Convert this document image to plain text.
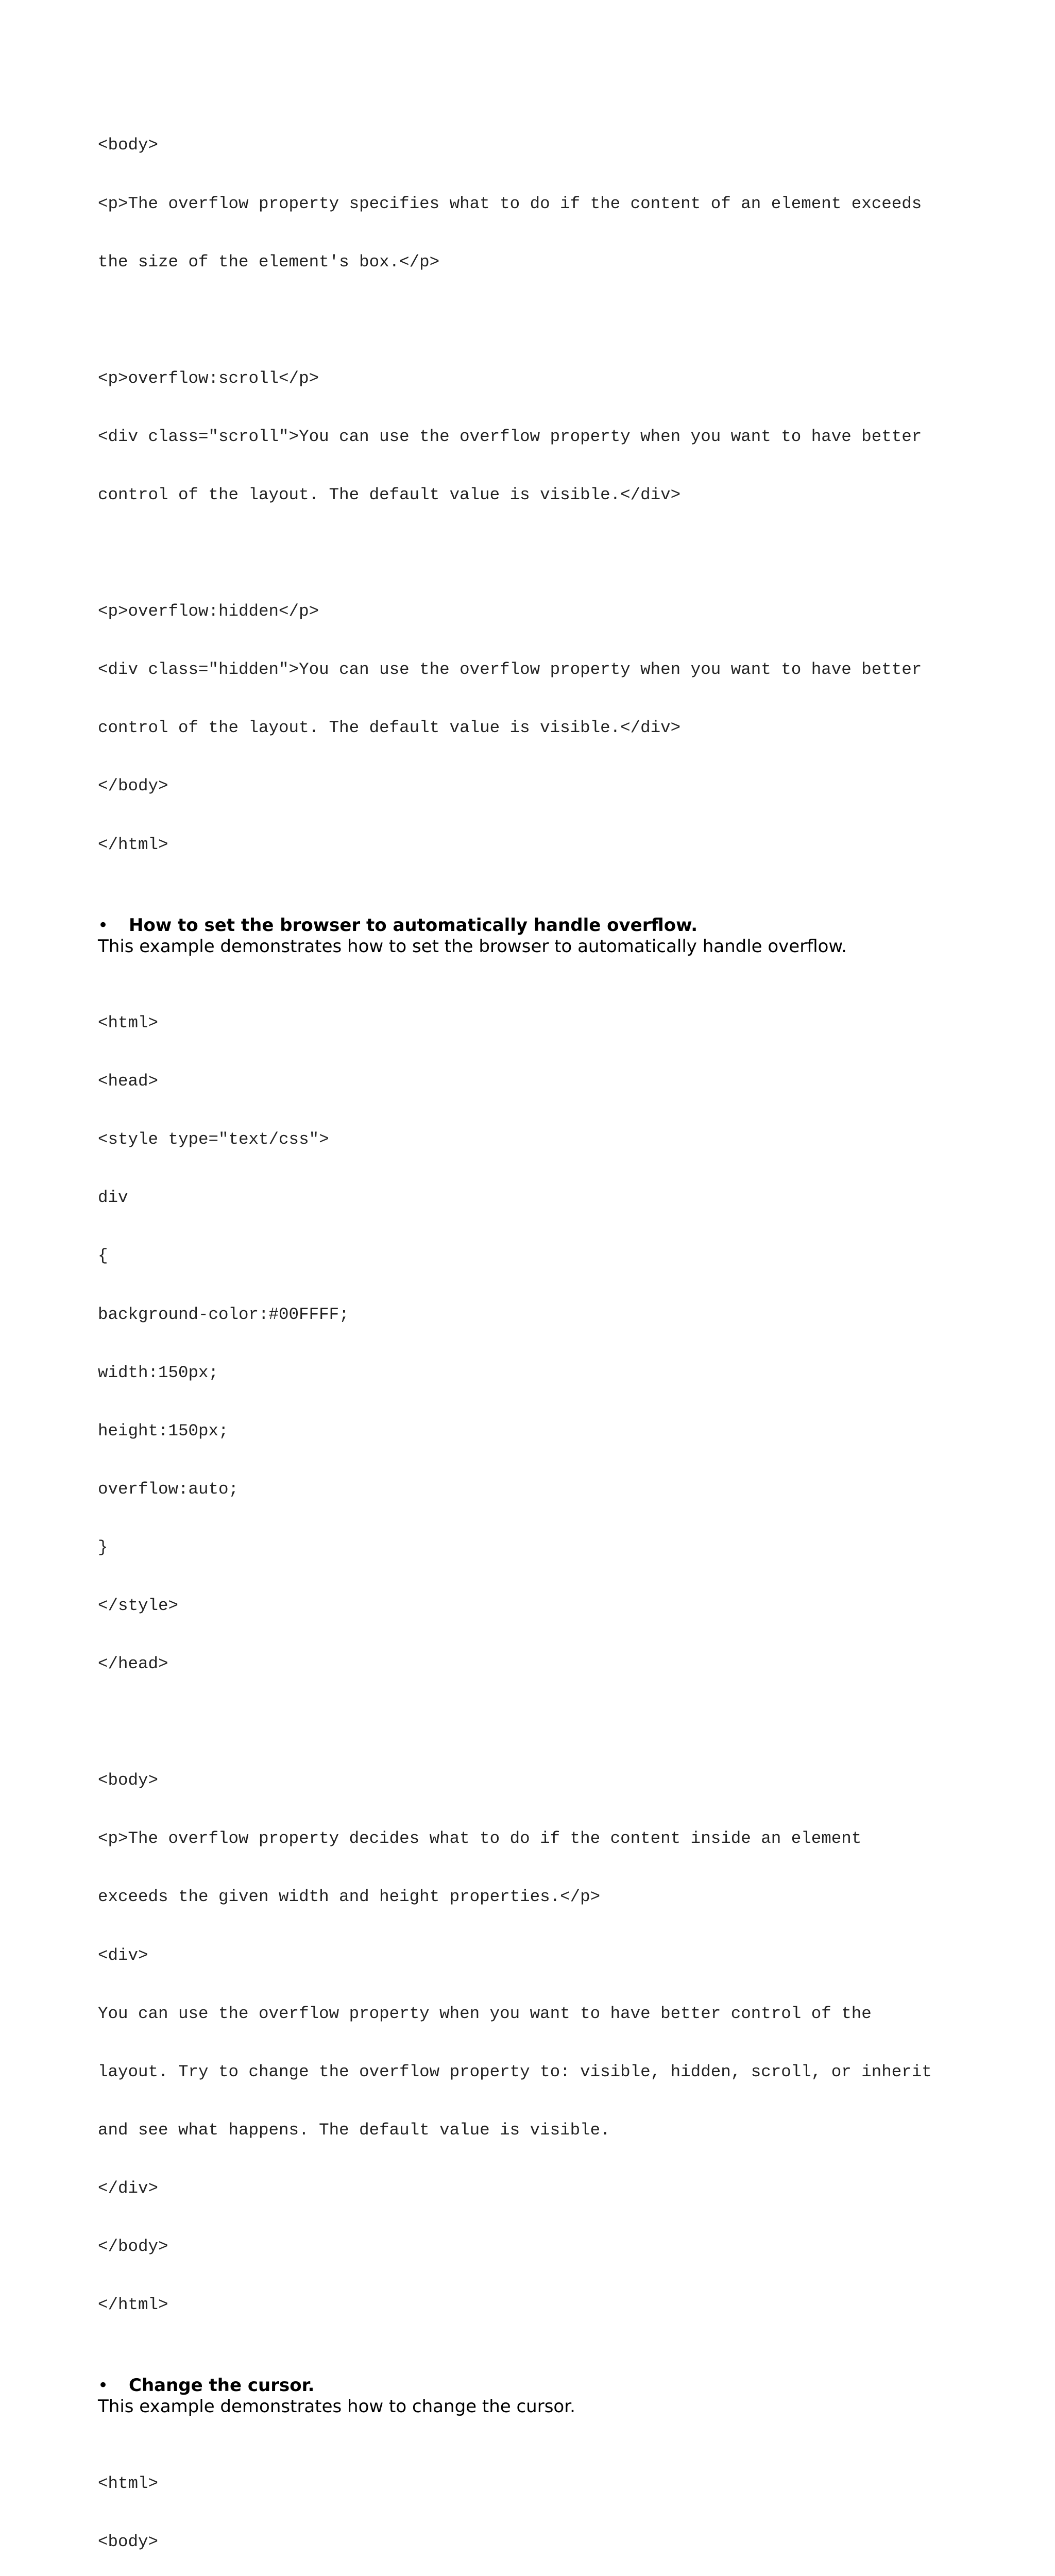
<body>

<p>The overflow property specifies what to do if the content of an element exceeds

the size of the element's box.</p>

<p>overflow:scroll</p>

<div class="scroll">You can use the overflow property when you want to have better

control of the layout. The default value is visible.</div>

<p>overflow:hidden</p>

<div class="hidden">You can use the overflow property when you want to have better

control of the layout. The default value is visible.</div>

</body>

</html>

• How to set the browser to automatically handle overflow.

This example demonstrates how to set the browser to automatically handle overflow.

<html>

<head>

<style type="text/css">

div

{

background-color:#00FFFF;

width:150px;

height:150px;

overflow:auto;

}

</style>

</head>

<body>

<p>The overflow property decides what to do if the content inside an element

exceeds the given width and height properties.</p>

<div>

You can use the overflow property when you want to have better control of the

layout. Try to change the overflow property to: visible, hidden, scroll, or inherit

and see what happens. The default value is visible.

</div>

</body>

</html>

• Change the cursor.

This example demonstrates how to change the cursor.

<html>

<body>
